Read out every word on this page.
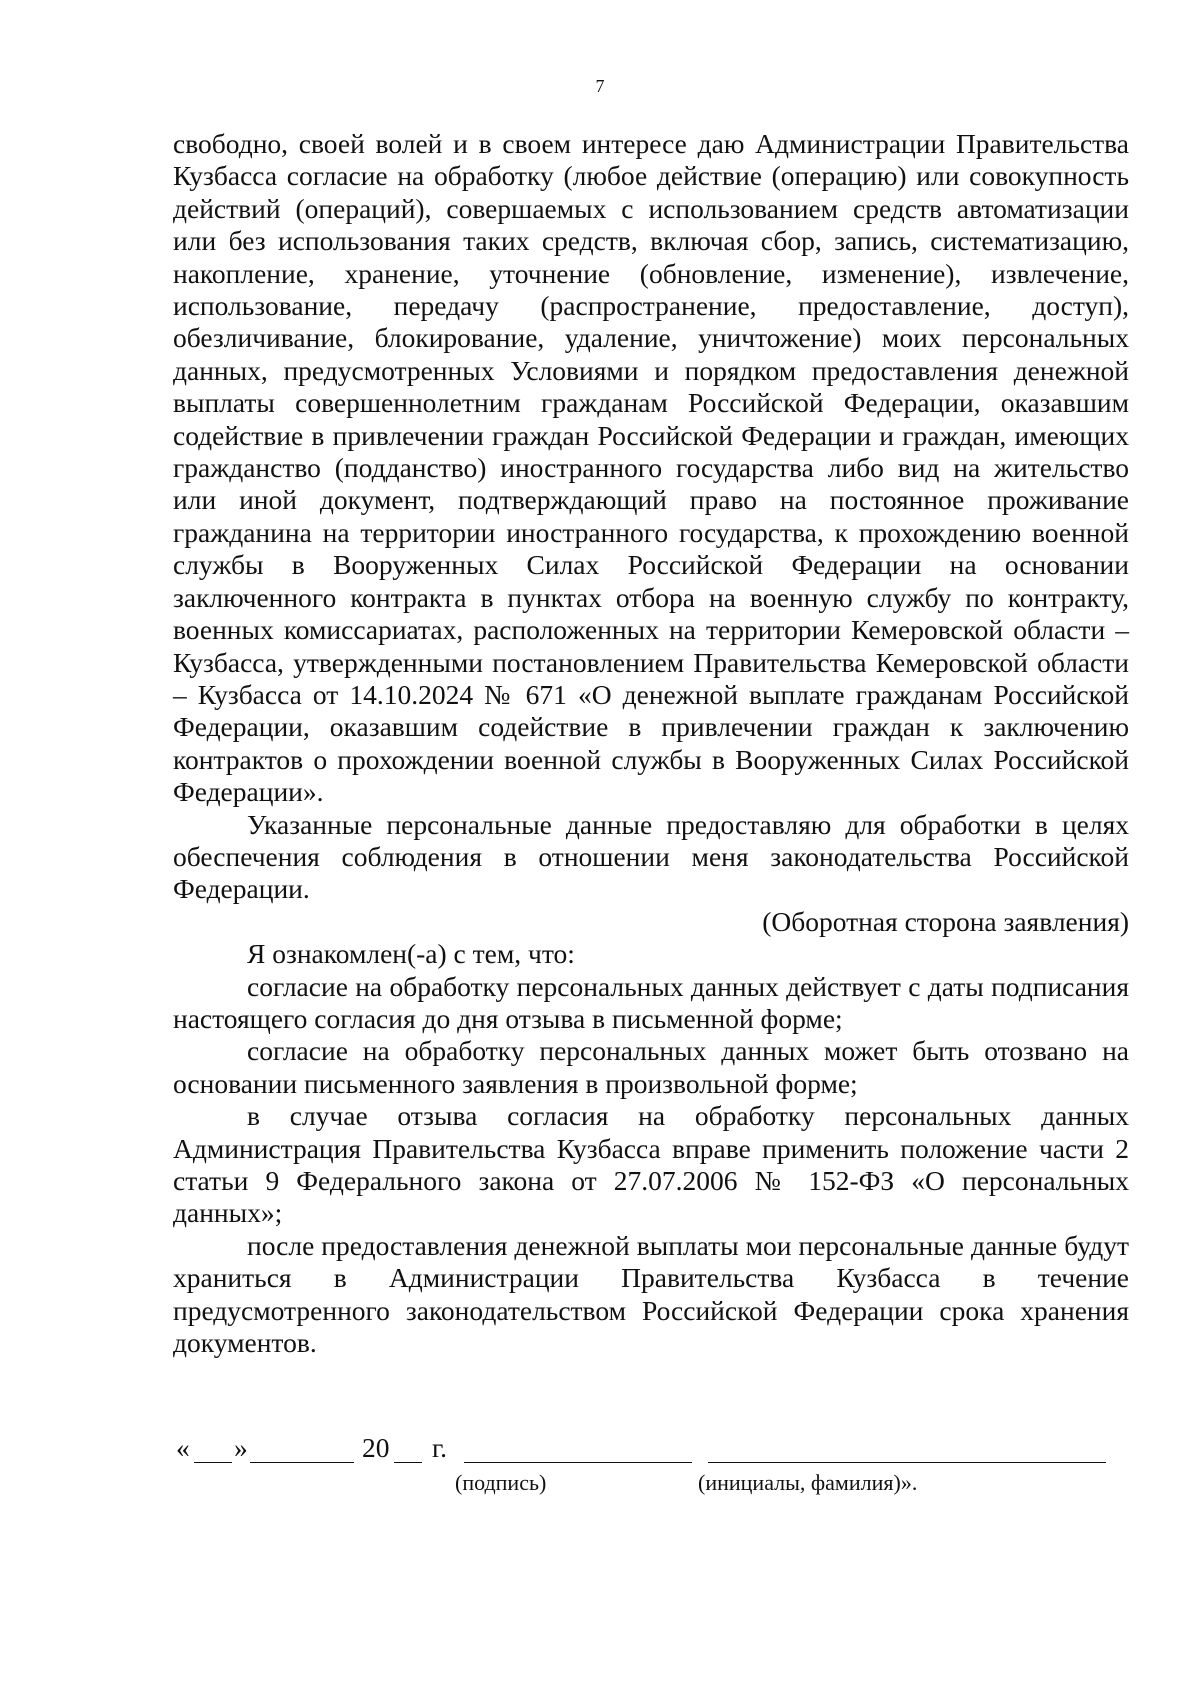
7

свободно, своей волей и в своем интересе даю Администрации Правительства Кузбасса согласие на обработку (любое действие (операцию) или совокупность действий (операций), совершаемых с использованием средств автоматизации или без использования таких средств, включая сбор, запись, систематизацию, накопление, хранение, уточнение (обновление, изменение), извлечение, использование, передачу (распространение, предоставление, доступ), обезличивание, блокирование, удаление, уничтожение) моих персональных данных, предусмотренных Условиями и порядком предоставления денежной выплаты совершеннолетним гражданам Российской Федерации, оказавшим содействие в привлечении граждан Российской Федерации и граждан, имеющих гражданство (подданство) иностранного государства либо вид на жительство или иной документ, подтверждающий право на постоянное проживание гражданина на территории иностранного государства, к прохождению военной службы в Вооруженных Силах Российской Федерации на основании заключенного контракта в пунктах отбора на военную службу по контракту, военных комиссариатах, расположенных на территории Кемеровской области – Кузбасса, утвержденными постановлением Правительства Кемеровской области – Кузбасса от 14.10.2024 № 671 «О денежной выплате гражданам Российской Федерации, оказавшим содействие в привлечении граждан к заключению контрактов о прохождении военной службы в Вооруженных Силах Российской Федерации».

Указанные персональные данные предоставляю для обработки в целях обеспечения соблюдения в отношении меня законодательства Российской Федерации.

(Оборотная сторона заявления)

Я ознакомлен(-а) с тем, что:

согласие на обработку персональных данных действует с даты подписания настоящего согласия до дня отзыва в письменной форме;

согласие на обработку персональных данных может быть отозвано на основании письменного заявления в произвольной форме;

в случае отзыва согласия на обработку персональных данных Администрация Правительства Кузбасса вправе применить положение части 2 статьи 9 Федерального закона от 27.07.2006 № 152-ФЗ «О персональных данных»;

после предоставления денежной выплаты мои персональные данные будут храниться в Администрации Правительства Кузбасса в течение предусмотренного законодательством Российской Федерации срока хранения документов.

« »	20 г.
(подпись)	(инициалы, фамилия)».
